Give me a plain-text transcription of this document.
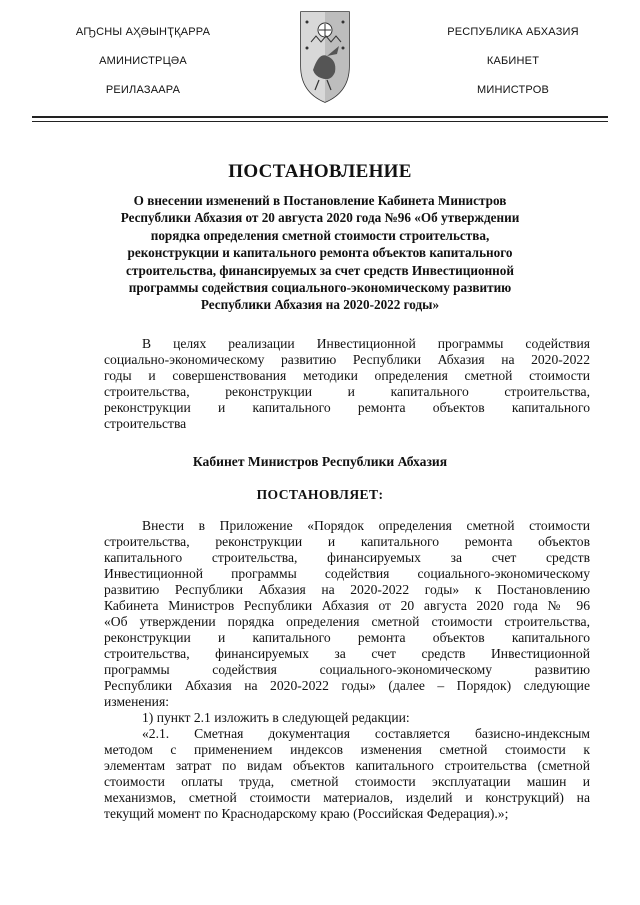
АҦСНЫ АҲӘЫНҬҚАРРА
АМИНИСТРЦӘА
РЕИЛАЗААРА
РЕСПУБЛИКА АБХАЗИЯ
КАБИНЕТ
МИНИСТРОВ
ПОСТАНОВЛЕНИЕ
О внесении изменений в Постановление Кабинета Министров
Республики Абхазия от 20 августа 2020 года №96 «Об утверждении
порядка определения сметной стоимости строительства,
реконструкции и капитального ремонта объектов капитального
строительства, финансируемых за счет средств Инвестиционной
программы содействия социального-экономическому развитию
Республики Абхазия на 2020-2022 годы»
В целях реализации Инвестиционной программы содействия
социально-экономическому развитию Республики Абхазия на 2020-2022
годы и совершенствования методики определения сметной стоимости
строительства, реконструкции и капитального строительства,
реконструкции и капитального ремонта объектов капитального
строительства
Кабинет Министров Республики Абхазия
ПОСТАНОВЛЯЕТ:
Внести в Приложение «Порядок определения сметной стоимости
строительства, реконструкции и капитального ремонта объектов
капитального строительства, финансируемых за счет средств
Инвестиционной программы содействия социального-экономическому
развитию Республики Абхазия на 2020-2022 годы» к Постановлению
Кабинета Министров Республики Абхазия от 20 августа 2020 года № 96
«Об утверждении порядка определения сметной стоимости строительства,
реконструкции и капитального ремонта объектов капитального
строительства, финансируемых за счет средств Инвестиционной
программы содействия социального-экономическому развитию
Республики Абхазия на 2020-2022 годы» (далее – Порядок) следующие
изменения:
1) пункт 2.1 изложить в следующей редакции:
«2.1. Сметная документация составляется базисно-индексным
методом с применением индексов изменения сметной стоимости к
элементам затрат по видам объектов капитального строительства (сметной
стоимости оплаты труда, сметной стоимости эксплуатации машин и
механизмов, сметной стоимости материалов, изделий и конструкций) на
текущий момент по Краснодарскому краю (Российская Федерация).»;
